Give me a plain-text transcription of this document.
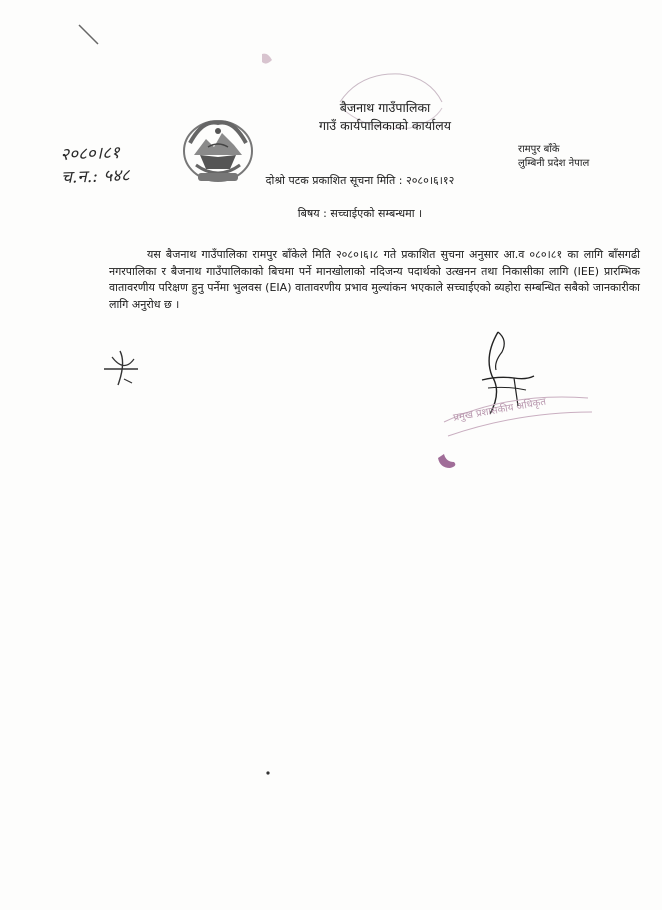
बैजनाथ गाउँपालिका
गाउँ कार्यपालिकाको कार्यालय
रामपुर बाँके
लुम्बिनी प्रदेश नेपाल
२०८०।८१
च.न.: ५४८	दोश्रो पटक प्रकाशित सूचना मिति : २०८०।६।१२
बिषय : सच्चाईएको सम्बन्धमा ।

यस बैजनाथ गाउँपालिका रामपुर बाँकेले मिति २०८०।६।८ गते प्रकाशित सुचना अनुसार आ.व ०८०।८१ का लागि बाँसगढी नगरपालिका र बैजनाथ गाउँपालिकाको बिचमा पर्ने मानखोलाको नदिजन्य पदार्थको उत्खनन तथा निकासीका लागि (IEE) प्रारम्भिक वातावरणीय परिक्षण हुनु पर्नेमा भुलवस (EIA) वातावरणीय प्रभाव मुल्यांकन भएकाले सच्चाईएको ब्यहोरा सम्बन्धित सबैको जानकारीका लागि अनुरोध छ ।

प्रमुख प्रशासकीय अधिकृत
